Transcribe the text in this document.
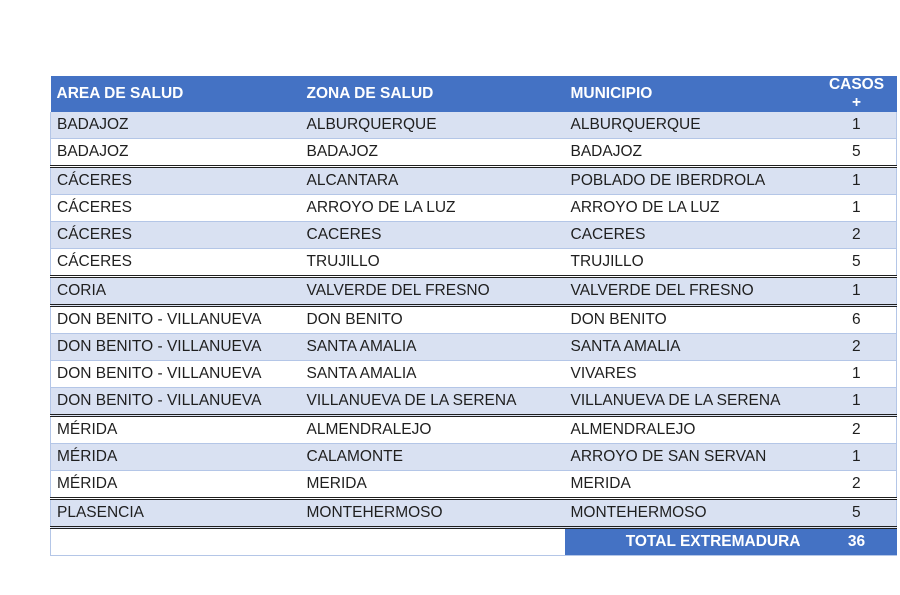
AREA DE SALUD	ZONA DE SALUD	MUNICIPIO	CASOS +
BADAJOZ	ALBURQUERQUE	ALBURQUERQUE	1
BADAJOZ	BADAJOZ	BADAJOZ	5
CÁCERES	ALCANTARA	POBLADO DE IBERDROLA	1
CÁCERES	ARROYO DE LA LUZ	ARROYO DE LA LUZ	1
CÁCERES	CACERES	CACERES	2
CÁCERES	TRUJILLO	TRUJILLO	5
CORIA	VALVERDE DEL FRESNO	VALVERDE DEL FRESNO	1
DON BENITO - VILLANUEVA	DON BENITO	DON BENITO	6
DON BENITO - VILLANUEVA	SANTA AMALIA	SANTA AMALIA	2
DON BENITO - VILLANUEVA	SANTA AMALIA	VIVARES	1
DON BENITO - VILLANUEVA	VILLANUEVA DE LA SERENA	VILLANUEVA DE LA SERENA	1
MÉRIDA	ALMENDRALEJO	ALMENDRALEJO	2
MÉRIDA	CALAMONTE	ARROYO DE SAN SERVAN	1
MÉRIDA	MERIDA	MERIDA	2
PLASENCIA	MONTEHERMOSO	MONTEHERMOSO	5
		TOTAL EXTREMADURA	36
